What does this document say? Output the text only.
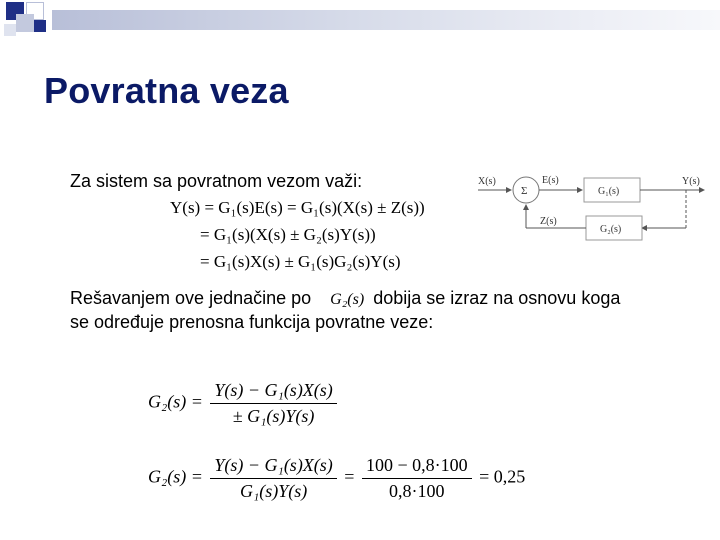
Povratna veza
Za sistem sa povratnom vezom važi:
Y(s) = G₁(s)E(s) = G₁(s)(X(s) ± Z(s))
= G₁(s)(X(s) ± G₂(s)Y(s))
= G₁(s)X(s) ± G₁(s)G₂(s)Y(s)
X(s)
Σ
E(s)
G₁(s)
Y(s)
G₂(s)
Z(s)
Rešavanjem ove jednačine po G₂(s) dobija se izraz na osnovu koga
se određuje prenosna funkcija povratne veze:
$G_2(s) = \frac{\text{Y(s) − G₁(s)X(s)}}{\text{± G₁(s)Y(s)}}$
$G_2(s) = \frac{\text{Y(s) − G₁(s)X(s)}}{\text{G₁(s)Y(s)}} = \frac{100 - 0,8\cdot 100}{0,8\cdot 100} = 0,25$
